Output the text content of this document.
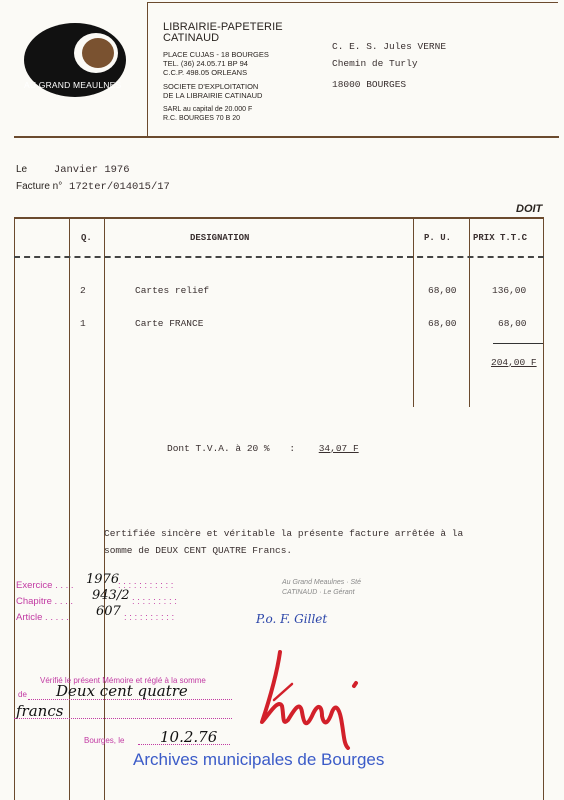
AU GRAND MEAULNES
LIBRAIRIE-PAPETERIE
CATINAUD
PLACE CUJAS - 18 BOURGES
TEL. (36) 24.05.71 BP 94
C.C.P. 498.05 ORLEANS
SOCIETE D'EXPLOITATION
DE LA LIBRAIRIE CATINAUD
SARL au capital de 20.000 F
R.C. BOURGES 70 B 20
C. E. S. Jules VERNE
Chemin de Turly
18000 BOURGES
Le	Janvier 1976
Facture n° 172ter/014015/17
DOIT
Q.	DESIGNATION	P. U. PRIX T.T.C
2	Cartes relief	68,00	136,00
1	Carte FRANCE	68,00	68,00
204,00 F
Dont T.V.A. à 20 % : 34,07 F
Certifiée sincère et véritable la présente facture arrêtée à la
somme de DEUX CENT QUATRE Francs.
Exercice . . . . 1976
: : : : : : : : : : :
Chapitre . . . . 943/2 : : : : : : : : :
Article . . . . . 607 : : : : : : : : : :
Au Grand Meaulnes · Sté CATINAUD · Le Gérant
P.o. F. Gillet
Vérifié le présent Mémoire et réglé à la somme
de Deux cent quatre
francs
Bourges, le 10.2.76
Archives municipales de Bourges
